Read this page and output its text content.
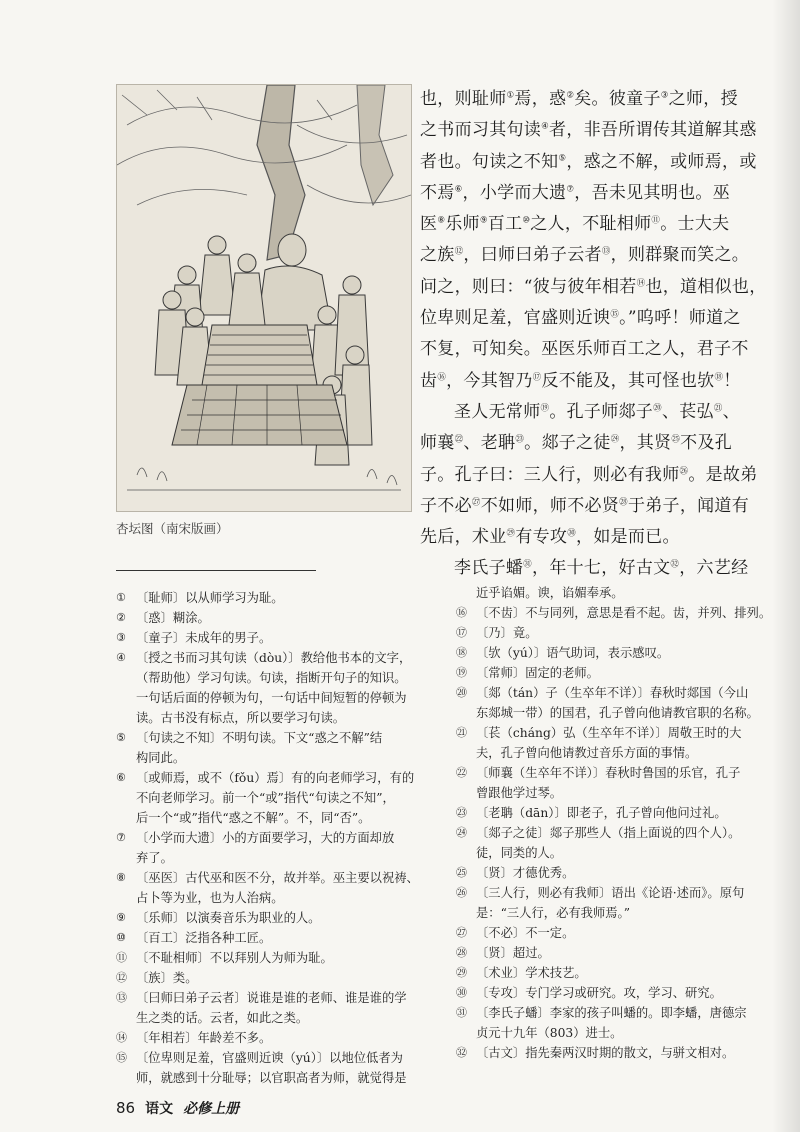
杏坛图（南宋版画）

也，则耻师①焉，惑②矣。彼童子③之师，授

之书而习其句读④者，非吾所谓传其道解其惑

者也。句读之不知⑤，惑之不解，或师焉，或

不焉⑥，小学而大遗⑦，吾未见其明也。巫

医⑧乐师⑨百工⑩之人，不耻相师⑪。士大夫

之族⑫，曰师曰弟子云者⑬，则群聚而笑之。

问之，则曰：“彼与彼年相若⑭也，道相似也，

位卑则足羞，官盛则近谀⑮。”呜呼！师道之

不复，可知矣。巫医乐师百工之人，君子不

齿⑯，今其智乃⑰反不能及，其可怪也欤⑱！

圣人无常师⑲。孔子师郯子⑳、苌弘$^㉑$、

师襄$^㉒$、老聃$^㉓$。郯子之徒$^㉔$，其贤$^㉕$不及孔

子。孔子曰：三人行，则必有我师$^㉖$。是故弟

子不必$^㉗$不如师，师不必贤$^㉘$于弟子，闻道有

先后，术业$^㉙$有专攻$^㉚$，如是而已。

李氏子蟠$^㉛$，年十七，好古文$^㉜$，六艺经

① 〔耻师〕以从师学习为耻。
② 〔惑〕糊涂。
③ 〔童子〕未成年的男子。
④ 〔授之书而习其句读（dòu）〕教给他书本的文字，
（帮助他）学习句读。句读，指断开句子的知识。
一句话后面的停顿为句，一句话中间短暂的停顿为
读。古书没有标点，所以要学习句读。
⑤ 〔句读之不知〕不明句读。下文“惑之不解”结
构同此。
⑥ 〔或师焉，或不（fǒu）焉〕有的向老师学习，有的
不向老师学习。前一个“或”指代“句读之不知”，
后一个“或”指代“惑之不解”。不，同“否”。
⑦ 〔小学而大遗〕小的方面要学习，大的方面却放
弃了。
⑧ 〔巫医〕古代巫和医不分，故并举。巫主要以祝祷、
占卜等为业，也为人治病。
⑨ 〔乐师〕以演奏音乐为职业的人。
⑩ 〔百工〕泛指各种工匠。
⑪ 〔不耻相师〕不以拜别人为师为耻。
⑫ 〔族〕类。
⑬ 〔曰师曰弟子云者〕说谁是谁的老师、谁是谁的学
生之类的话。云者，如此之类。
⑭ 〔年相若〕年龄差不多。
⑮ 〔位卑则足羞，官盛则近谀（yú）〕以地位低者为
师，就感到十分耻辱；以官职高者为师，就觉得是
近乎谄媚。谀，谄媚奉承。
⑯ 〔不齿〕不与同列，意思是看不起。齿，并列、排列。
⑰ 〔乃〕竟。
⑱ 〔欤（yú）〕语气助词，表示感叹。
⑲ 〔常师〕固定的老师。
⑳ 〔郯（tán）子（生卒年不详）〕春秋时郯国（今山
东郯城一带）的国君，孔子曾向他请教官职的名称。
㉑ 〔苌（cháng）弘（生卒年不详）〕周敬王时的大
夫，孔子曾向他请教过音乐方面的事情。
㉒ 〔师襄（生卒年不详）〕春秋时鲁国的乐官，孔子
曾跟他学过琴。
㉓ 〔老聃（dān）〕即老子，孔子曾向他问过礼。
㉔ 〔郯子之徒〕郯子那些人（指上面说的四个人）。
徒，同类的人。
㉕ 〔贤〕才德优秀。
㉖ 〔三人行，则必有我师〕语出《论语·述而》。原句
是：“三人行，必有我师焉。”
㉗ 〔不必〕不一定。
㉘ 〔贤〕超过。
㉙ 〔术业〕学术技艺。
㉚ 〔专攻〕专门学习或研究。攻，学习、研究。
㉛ 〔李氏子蟠〕李家的孩子叫蟠的。即李蟠，唐德宗
贞元十九年（803）进士。
㉜ 〔古文〕指先秦两汉时期的散文，与骈文相对。
86 语文 必修上册
